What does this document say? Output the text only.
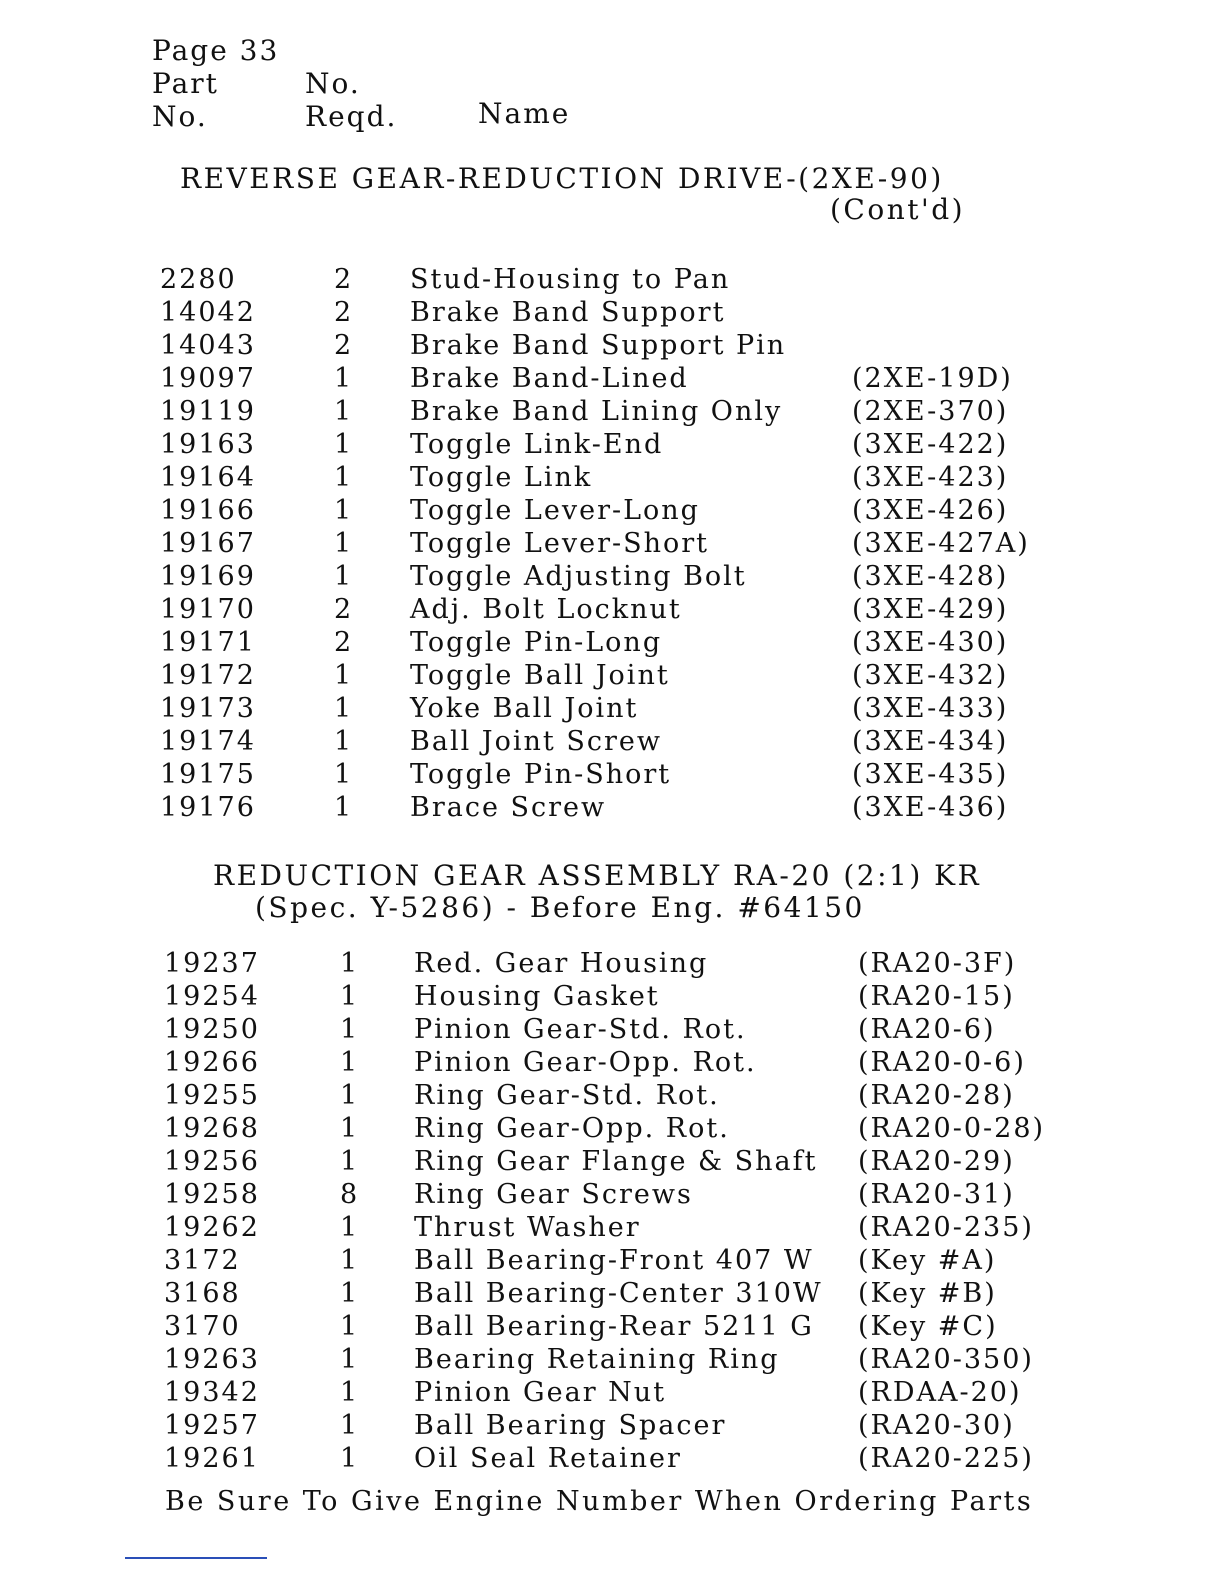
Page 33
Part	No.
No.	Reqd.	Name
REVERSE GEAR-REDUCTION DRIVE-(2XE-90)
(Cont'd)
2280	2 Stud-Housing to Pan
14042	2 Brake Band Support
14043	2 Brake Band Support Pin
19097	1 Brake Band-Lined	(2XE-19D)
19119	1 Brake Band Lining Only	(2XE-370)
19163	1 Toggle Link-End	(3XE-422)
19164	1 Toggle Link	(3XE-423)
19166	1 Toggle Lever-Long	(3XE-426)
19167	1 Toggle Lever-Short	(3XE-427A)
19169	1 Toggle Adjusting Bolt	(3XE-428)
19170	2 Adj. Bolt Locknut	(3XE-429)
19171	2 Toggle Pin-Long	(3XE-430)
19172	1 Toggle Ball Joint	(3XE-432)
19173	1 Yoke Ball Joint	(3XE-433)
19174	1 Ball Joint Screw	(3XE-434)
19175	1 Toggle Pin-Short	(3XE-435)
19176	1 Brace Screw	(3XE-436)
REDUCTION GEAR ASSEMBLY RA-20 (2:1) KR
(Spec. Y-5286) - Before Eng. #64150
19237	1 Red. Gear Housing	(RA20-3F)
19254	1 Housing Gasket	(RA20-15)
19250	1 Pinion Gear-Std. Rot.	(RA20-6)
19266	1 Pinion Gear-Opp. Rot.	(RA20-0-6)
19255	1 Ring Gear-Std. Rot.	(RA20-28)
19268	1 Ring Gear-Opp. Rot.	(RA20-0-28)
19256	1 Ring Gear Flange & Shaft (RA20-29)
19258	8 Ring Gear Screws	(RA20-31)
19262	1 Thrust Washer	(RA20-235)
3172	1 Ball Bearing-Front 407 W (Key #A)
3168	1 Ball Bearing-Center 310W (Key #B)
3170	1 Ball Bearing-Rear 5211 G (Key #C)
19263	1 Bearing Retaining Ring	(RA20-350)
19342	1 Pinion Gear Nut	(RDAA-20)
19257	1 Ball Bearing Spacer	(RA20-30)
19261	1 Oil Seal Retainer	(RA20-225)
Be Sure To Give Engine Number When Ordering Parts
